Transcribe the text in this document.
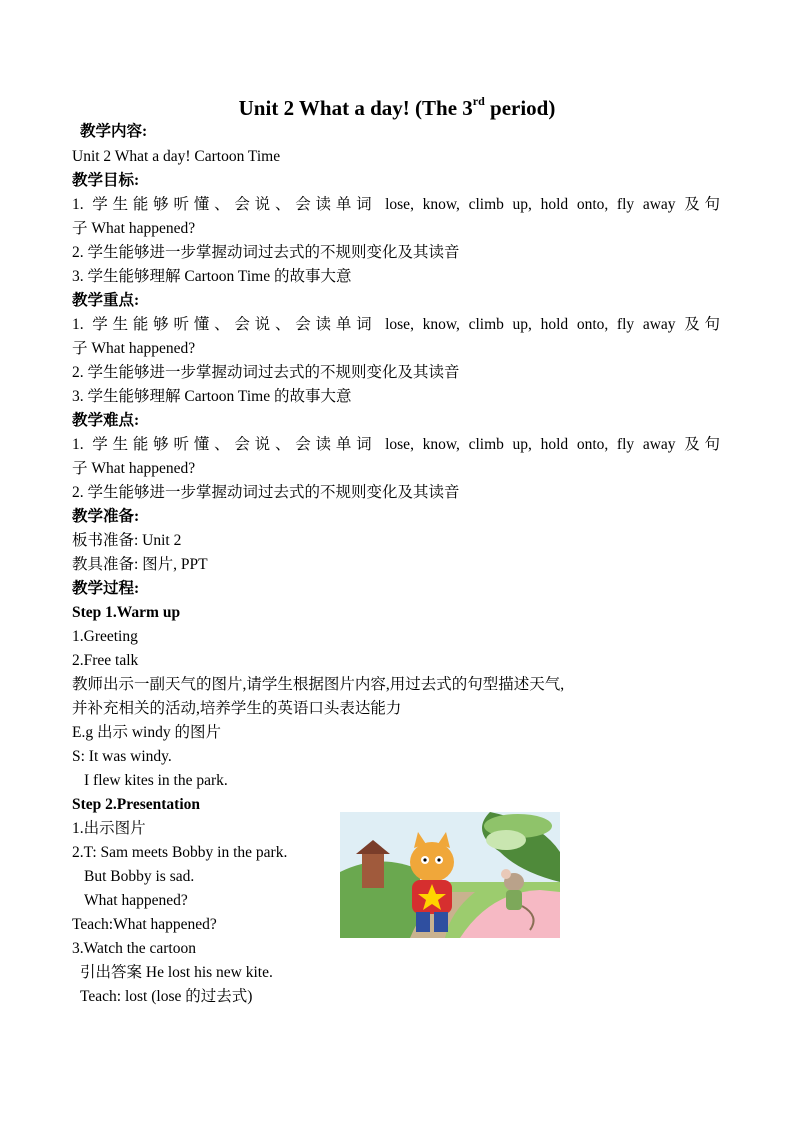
Unit 2 What a day! (The 3rd period)
教学内容:
Unit 2 What a day! Cartoon Time
教学目标:
1. 学生能够听懂、会说、会读单词 lose, know, climb up, hold onto, fly away 及句
子 What happened?
2. 学生能够进一步掌握动词过去式的不规则变化及其读音
3. 学生能够理解 Cartoon Time 的故事大意
教学重点:
1. 学生能够听懂、会说、会读单词 lose, know, climb up, hold onto, fly away 及句
子 What happened?
2. 学生能够进一步掌握动词过去式的不规则变化及其读音
3. 学生能够理解 Cartoon Time 的故事大意
教学难点:
1. 学生能够听懂、会说、会读单词 lose, know, climb up, hold onto, fly away 及句
子 What happened?
2. 学生能够进一步掌握动词过去式的不规则变化及其读音
教学准备:
板书准备: Unit 2
教具准备: 图片, PPT
教学过程:
Step 1.Warm up
1.Greeting
2.Free talk
教师出示一副天气的图片,请学生根据图片内容,用过去式的句型描述天气,
并补充相关的活动,培养学生的英语口头表达能力
E.g 出示 windy 的图片
S: It was windy.
I flew kites in the park.
Step 2.Presentation
1.出示图片
2.T: Sam meets Bobby in the park.
But Bobby is sad.
What happened?
Teach:What happened?
3.Watch the cartoon
引出答案 He lost his new kite.
Teach: lost (lose 的过去式)
